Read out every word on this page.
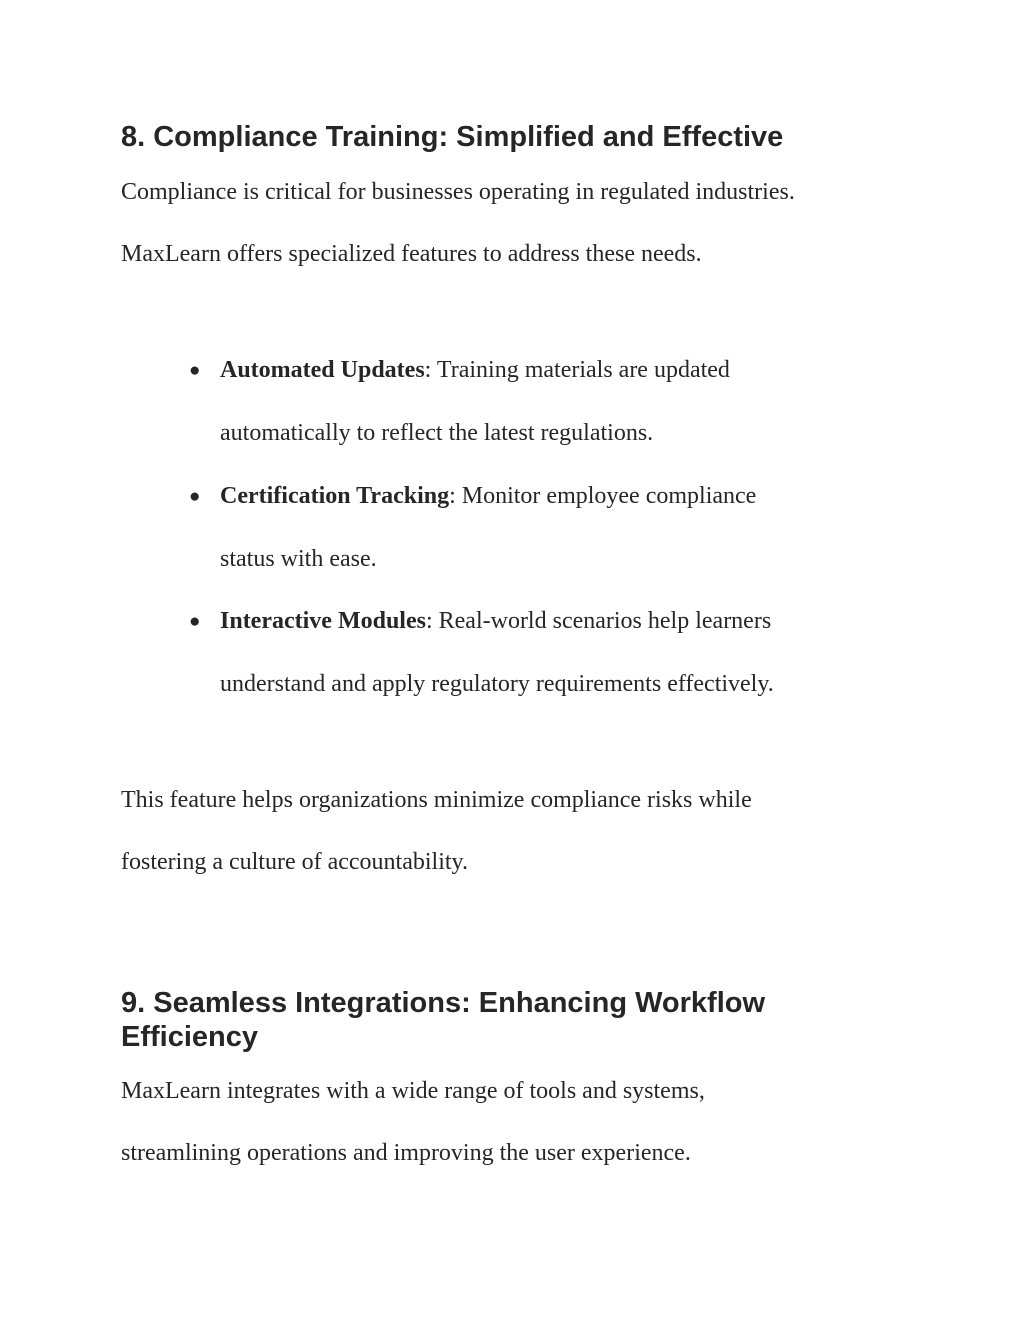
8. Compliance Training: Simplified and Effective

Compliance is critical for businesses operating in regulated industries.

MaxLearn offers specialized features to address these needs.

● Automated Updates: Training materials are updated

automatically to reflect the latest regulations.

● Certification Tracking: Monitor employee compliance

status with ease.

● Interactive Modules: Real-world scenarios help learners

understand and apply regulatory requirements effectively.

This feature helps organizations minimize compliance risks while

fostering a culture of accountability.

9. Seamless Integrations: Enhancing Workflow
Efficiency

MaxLearn integrates with a wide range of tools and systems,

streamlining operations and improving the user experience.
